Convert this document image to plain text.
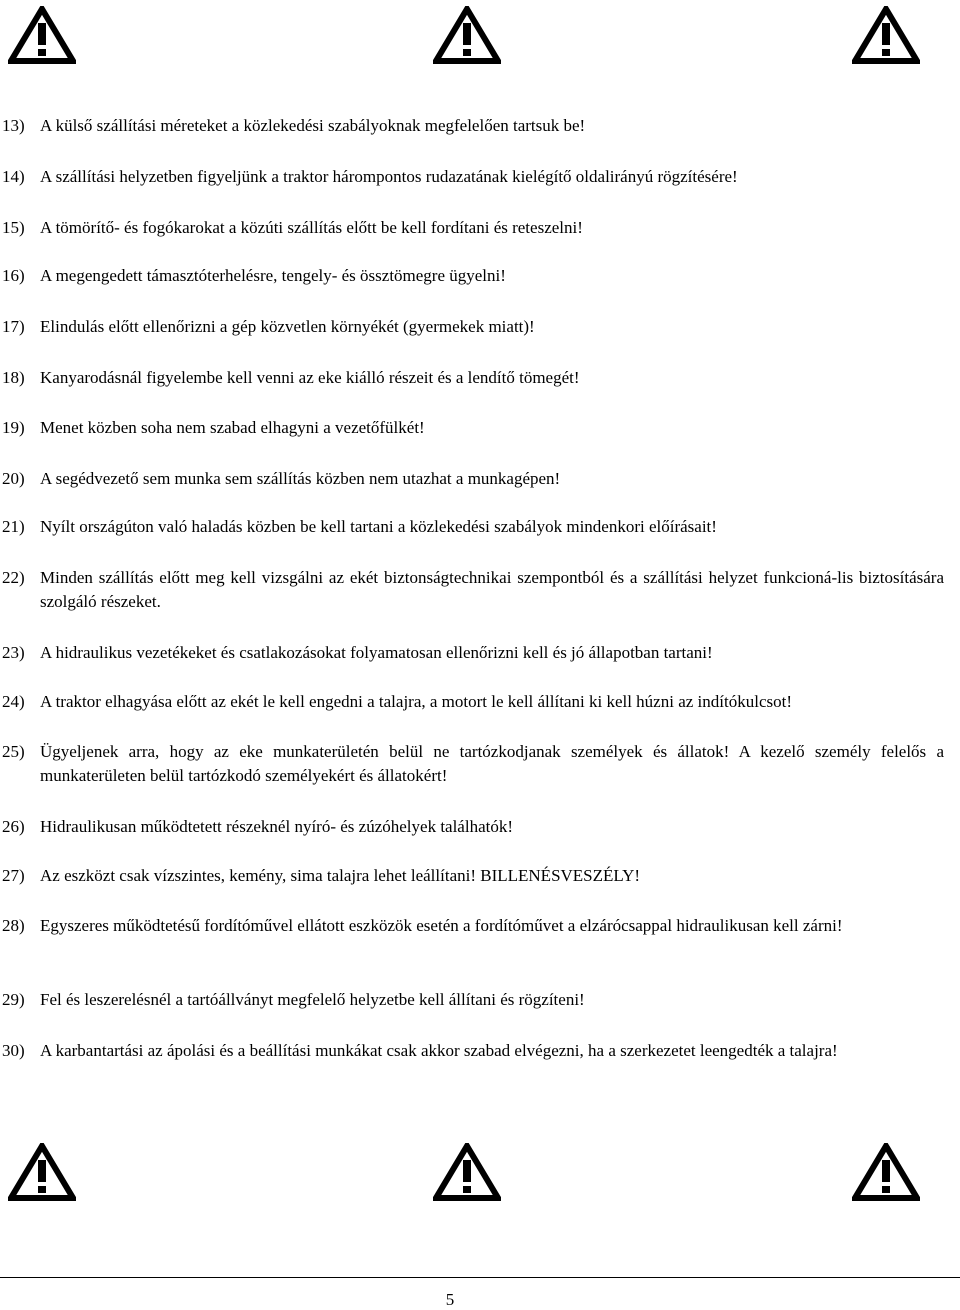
13) A külső szállítási méreteket a közlekedési szabályoknak megfelelően tartsuk be!
14) A szállítási helyzetben figyeljünk a traktor hárompontos rudazatának kielégítő oldalirányú rögzítésére!
15) A tömörítő- és fogókarokat a közúti szállítás előtt be kell fordítani és reteszelni!
16) A megengedett támasztóterhelésre, tengely- és össztömegre ügyelni!
17) Elindulás előtt ellenőrizni a gép közvetlen környékét (gyermekek miatt)!
18) Kanyarodásnál figyelembe kell venni az eke kiálló részeit és a lendítő tömegét!
19) Menet közben soha nem szabad elhagyni a vezetőfülkét!
20) A segédvezető sem munka sem szállítás közben nem utazhat a munkagépen!
21) Nyílt országúton való haladás közben be kell tartani a közlekedési szabályok mindenkori előírásait!
22) Minden szállítás előtt meg kell vizsgálni az ekét biztonságtechnikai szempontból és a szállítási helyzet funkcioná-lis biztosítására szolgáló részeket.
23) A hidraulikus vezetékeket és csatlakozásokat folyamatosan ellenőrizni kell és jó állapotban tartani!
24) A traktor elhagyása előtt az ekét le kell engedni a talajra, a motort le kell állítani ki kell húzni az indítókulcsot!
25) Ügyeljenek arra, hogy az eke munkaterületén belül ne tartózkodjanak személyek és állatok! A kezelő személy felelős a munkaterületen belül tartózkodó személyekért és állatokért!
26) Hidraulikusan működtetett részeknél nyíró- és zúzóhelyek találhatók!
27) Az eszközt csak vízszintes, kemény, sima talajra lehet leállítani! BILLENÉSVESZÉLY!
28) Egyszeres működtetésű fordítóművel ellátott eszközök esetén a fordítóművet a elzárócsappal hidraulikusan kell zárni!
29) Fel és leszerelésnél a tartóállványt megfelelő helyzetbe kell állítani és rögzíteni!
30) A karbantartási az ápolási és a beállítási munkákat csak akkor szabad elvégezni, ha a szerkezetet leengedték a talajra!
5
